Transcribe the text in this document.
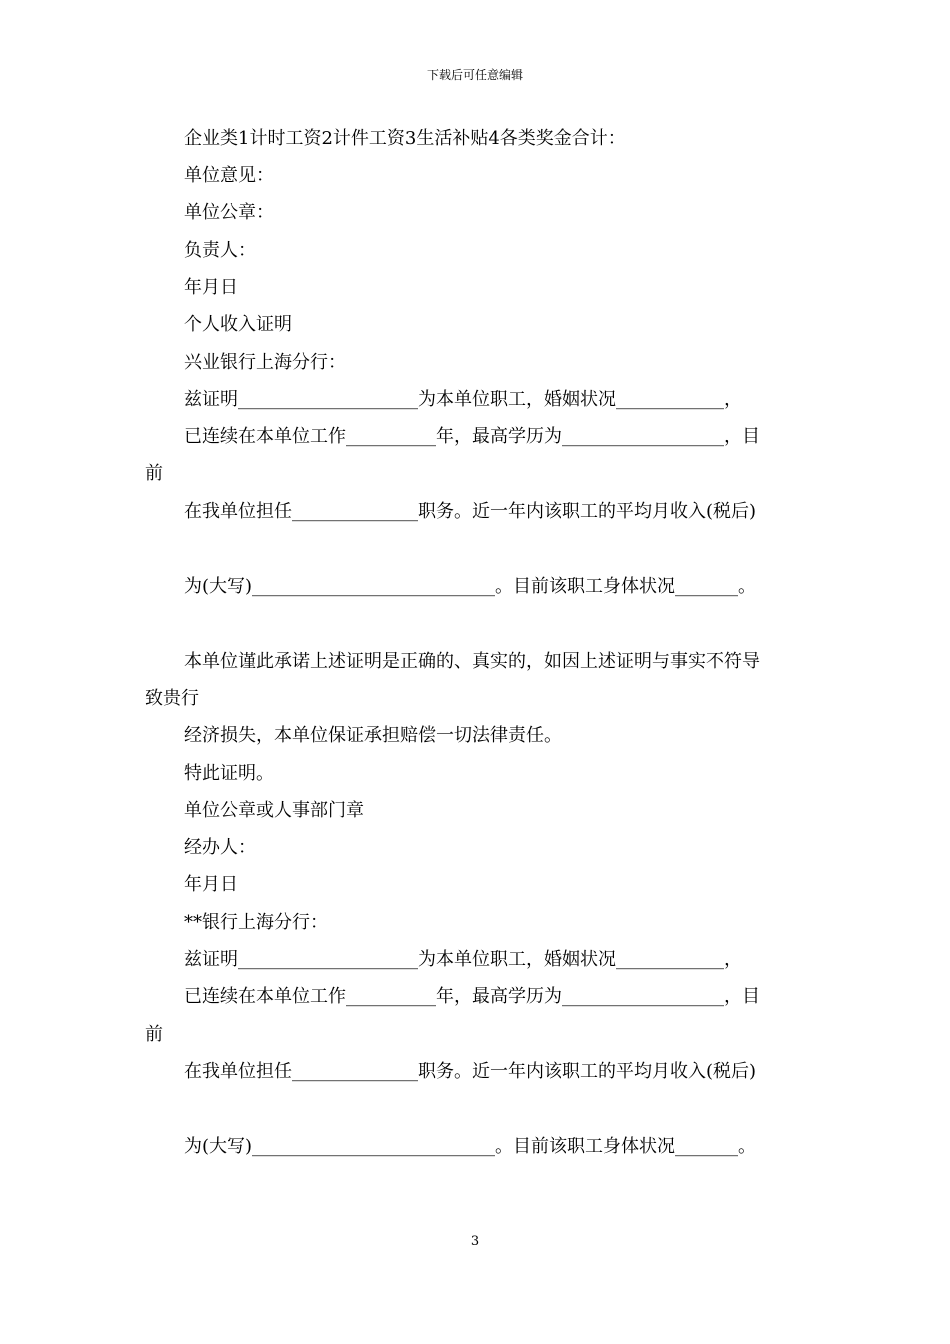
下载后可任意编辑
企业类1计时工资2计件工资3生活补贴4各类奖金合计：
单位意见：
单位公章：
负责人：
年月日
个人收入证明
兴业银行上海分行：
兹证明____________________为本单位职工，婚姻状况____________，
已连续在本单位工作__________年，最高学历为__________________，目
前
在我单位担任______________职务。近一年内该职工的平均月收入(税后)
为(大写)___________________________。目前该职工身体状况_______。
本单位谨此承诺上述证明是正确的、真实的，如因上述证明与事实不符导
致贵行
经济损失，本单位保证承担赔偿一切法律责任。
特此证明。
单位公章或人事部门章
经办人：
年月日
**银行上海分行：
兹证明____________________为本单位职工，婚姻状况____________，
已连续在本单位工作__________年，最高学历为__________________，目
前
在我单位担任______________职务。近一年内该职工的平均月收入(税后)
为(大写)___________________________。目前该职工身体状况_______。
3
